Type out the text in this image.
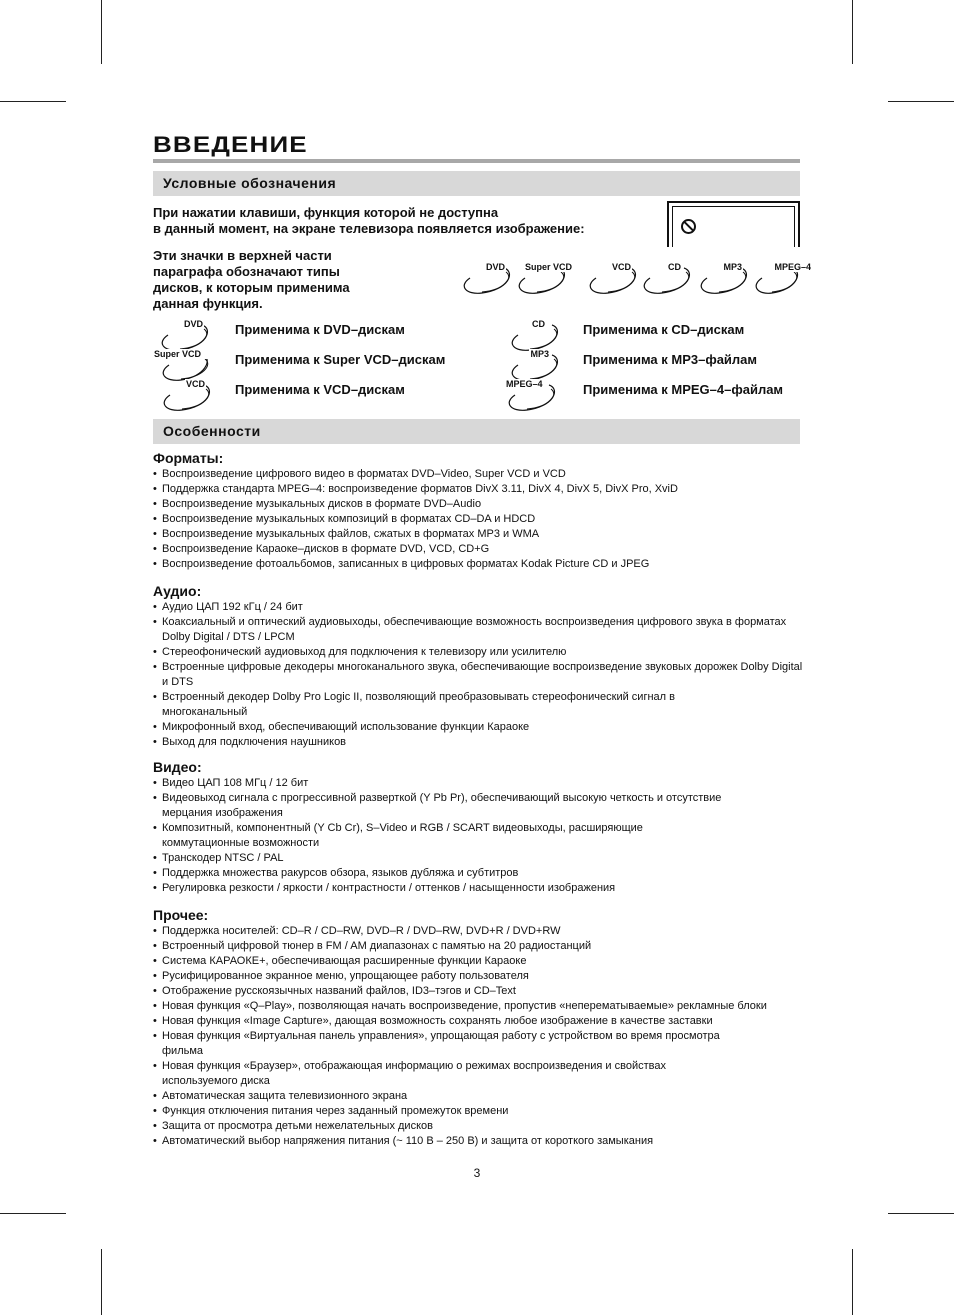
ВВЕДЕНИЕ
Условные обозначения

При нажатии клавиши, функция которой не доступна

в данный момент, на экране телевизора появляется изображение:

Эти значки в верхней части

параграфа обозначают типы

дисков, к которым применима

данная функция.

DVD Super VCD	VCD	CD	MP3	MPEG–4
DVD Применима к DVD–дискам
Super VCD	Применима к Super VCD–дискам
VCD Применима к VCD–дискам
CD	Применима к CD–дискам
MP3	Применима к MP3–файлам
MPEG–4	Применима к MPEG–4–файлам
Особенности
Форматы:
• Воспроизведение цифрового видео в форматах DVD–Video, Super VCD и VCD
• Поддержка стандарта MPEG–4: воспроизведение форматов DivX 3.11, DivX 4, DivX 5, DivX Pro, XviD
• Воспроизведение музыкальных дисков в формате DVD–Audio
• Воспроизведение музыкальных композиций в форматах CD–DA и HDCD
• Воспроизведение музыкальных файлов, сжатых в форматах MP3 и WMA
• Воспроизведение Караоке–дисков в формате DVD, VCD, CD+G
• Воспроизведение фотоальбомов, записанных в цифровых форматах Kodak Picture CD и JPEG
Аудио:
• Аудио ЦАП 192 кГц / 24 бит
• Коаксиальный и оптический аудиовыходы, обеспечивающие возможность воспроизведения цифрового звука в форматах Dolby Digital / DTS / LPCM
• Стереофонический аудиовыход для подключения к телевизору или усилителю
• Встроенные цифровые декодеры многоканального звука, обеспечивающие воспроизведение звуковых дорожек Dolby Digital и DTS
• Встроенный декодер Dolby Pro Logic II, позволяющий преобразовывать стереофонический сигнал в многоканальный
• Микрофонный вход, обеспечивающий использование функции Караоке
• Выход для подключения наушников
Видео:
• Видео ЦАП 108 МГц / 12 бит
• Видеовыход сигнала с прогрессивной разверткой (Y Pb Pr), обеспечивающий высокую четкость и отсутствие мерцания изображения
• Композитный, компонентный (Y Cb Cr), S–Video и RGB / SCART видеовыходы, расширяющие коммутационные возможности
• Транскодер NTSC / PAL
• Поддержка множества ракурсов обзора, языков дубляжа и субтитров
• Регулировка резкости / яркости / контрастности / оттенков / насыщенности изображения
Прочее:
• Поддержка носителей: CD–R / CD–RW, DVD–R / DVD–RW, DVD+R / DVD+RW
• Встроенный цифровой тюнер в FM / AM диапазонах с памятью на 20 радиостанций
• Система КАРАОКЕ+, обеспечивающая расширенные функции Караоке
• Русифицированное экранное меню, упрощающее работу пользователя
• Отображение русскоязычных названий файлов, ID3–тэгов и CD–Text
• Новая функция «Q–Play», позволяющая начать воспроизведение, пропустив «неперематываемые» рекламные блоки
• Новая функция «Image Capture», дающая возможность сохранять любое изображение в качестве заставки
• Новая функция «Виртуальная панель управления», упрощающая работу с устройством во время просмотра фильма
• Новая функция «Браузер», отображающая информацию о режимах воспроизведения и свойствах используемого диска
• Автоматическая защита телевизионного экрана
• Функция отключения питания через заданный промежуток времени
• Защита от просмотра детьми нежелательных дисков
• Автоматический выбор напряжения питания (~ 110 В – 250 В) и защита от короткого замыкания
3
